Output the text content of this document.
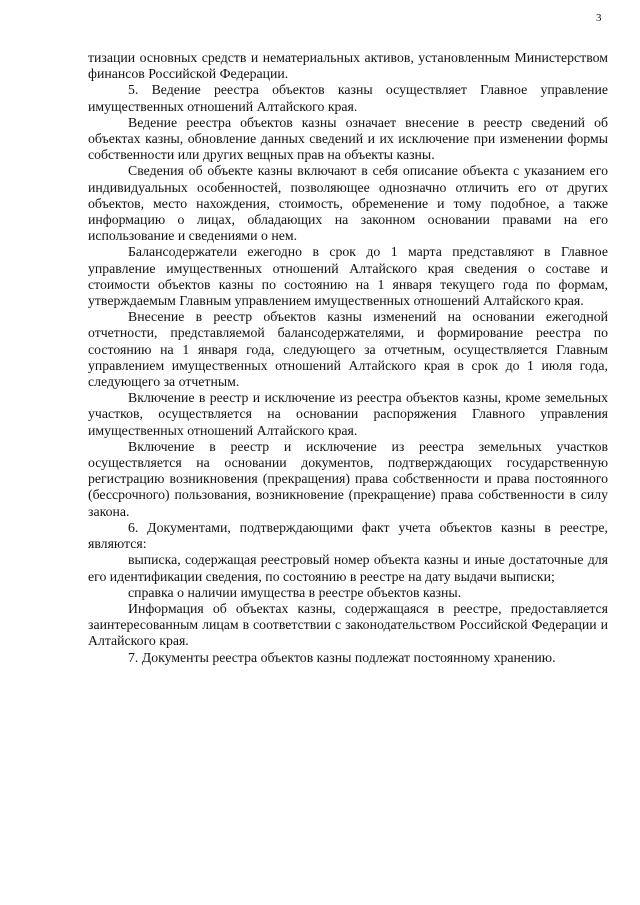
3

тизации основных средств и нематериальных активов, установленным Министерством финансов Российской Федерации.

5. Ведение реестра объектов казны осуществляет Главное управление имущественных отношений Алтайского края.

Ведение реестра объектов казны означает внесение в реестр сведений об объектах казны, обновление данных сведений и их исключение при изменении формы собственности или других вещных прав на объекты казны.

Сведения об объекте казны включают в себя описание объекта с указанием его индивидуальных особенностей, позволяющее однозначно отличить его от других объектов, место нахождения, стоимость, обременение и тому подобное, а также информацию о лицах, обладающих на законном основании правами на его использование и сведениями о нем.

Балансодержатели ежегодно в срок до 1 марта представляют в Главное управление имущественных отношений Алтайского края сведения о составе и стоимости объектов казны по состоянию на 1 января текущего года по формам, утверждаемым Главным управлением имущественных отношений Алтайского края.

Внесение в реестр объектов казны изменений на основании ежегодной отчетности, представляемой балансодержателями, и формирование реестра по состоянию на 1 января года, следующего за отчетным, осуществляется Главным управлением имущественных отношений Алтайского края в срок до 1 июля года, следующего за отчетным.

Включение в реестр и исключение из реестра объектов казны, кроме земельных участков, осуществляется на основании распоряжения Главного управления имущественных отношений Алтайского края.

Включение в реестр и исключение из реестра земельных участков осуществляется на основании документов, подтверждающих государственную регистрацию возникновения (прекращения) права собственности и права постоянного (бессрочного) пользования, возникновение (прекращение) права собственности в силу закона.

6. Документами, подтверждающими факт учета объектов казны в реестре, являются:

выписка, содержащая реестровый номер объекта казны и иные достаточные для его идентификации сведения, по состоянию в реестре на дату выдачи выписки;

справка о наличии имущества в реестре объектов казны.

Информация об объектах казны, содержащаяся в реестре, предоставляется заинтересованным лицам в соответствии с законодательством Российской Федерации и Алтайского края.

7. Документы реестра объектов казны подлежат постоянному хранению.
